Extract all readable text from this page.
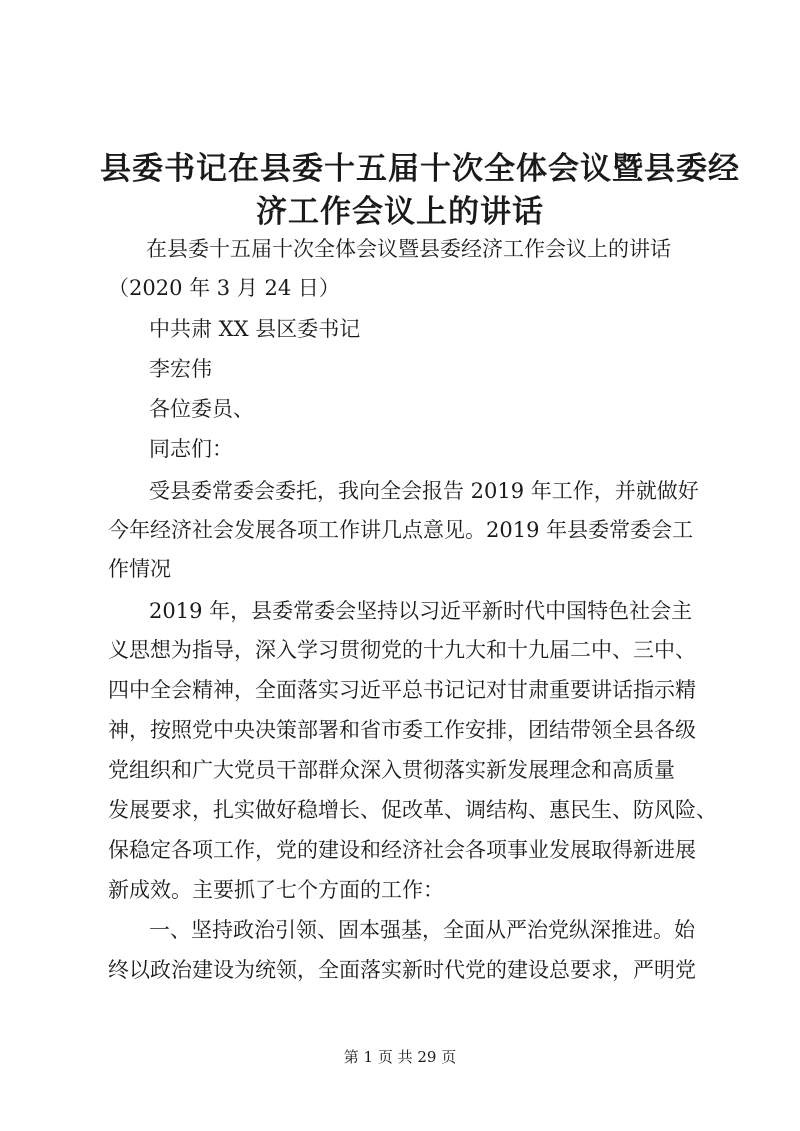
县委书记在县委十五届十次全体会议暨县委经
济工作会议上的讲话
在县委十五届十次全体会议暨县委经济工作会议上的讲话
（2020 年 3 月 24 日）
中共肃 XX 县区委书记
李宏伟
各位委员、
同志们：
受县委常委会委托，我向全会报告 2019 年工作，并就做好
今年经济社会发展各项工作讲几点意见。2019 年县委常委会工
作情况
2019 年，县委常委会坚持以习近平新时代中国特色社会主
义思想为指导，深入学习贯彻党的十九大和十九届二中、三中、
四中全会精神，全面落实习近平总书记记对甘肃重要讲话指示精
神，按照党中央决策部署和省市委工作安排，团结带领全县各级
党组织和广大党员干部群众深入贯彻落实新发展理念和高质量
发展要求，扎实做好稳增长、促改革、调结构、惠民生、防风险、
保稳定各项工作，党的建设和经济社会各项事业发展取得新进展
新成效。主要抓了七个方面的工作：
一、坚持政治引领、固本强基，全面从严治党纵深推进。始
终以政治建设为统领，全面落实新时代党的建设总要求，严明党
第 1 页 共 29 页
